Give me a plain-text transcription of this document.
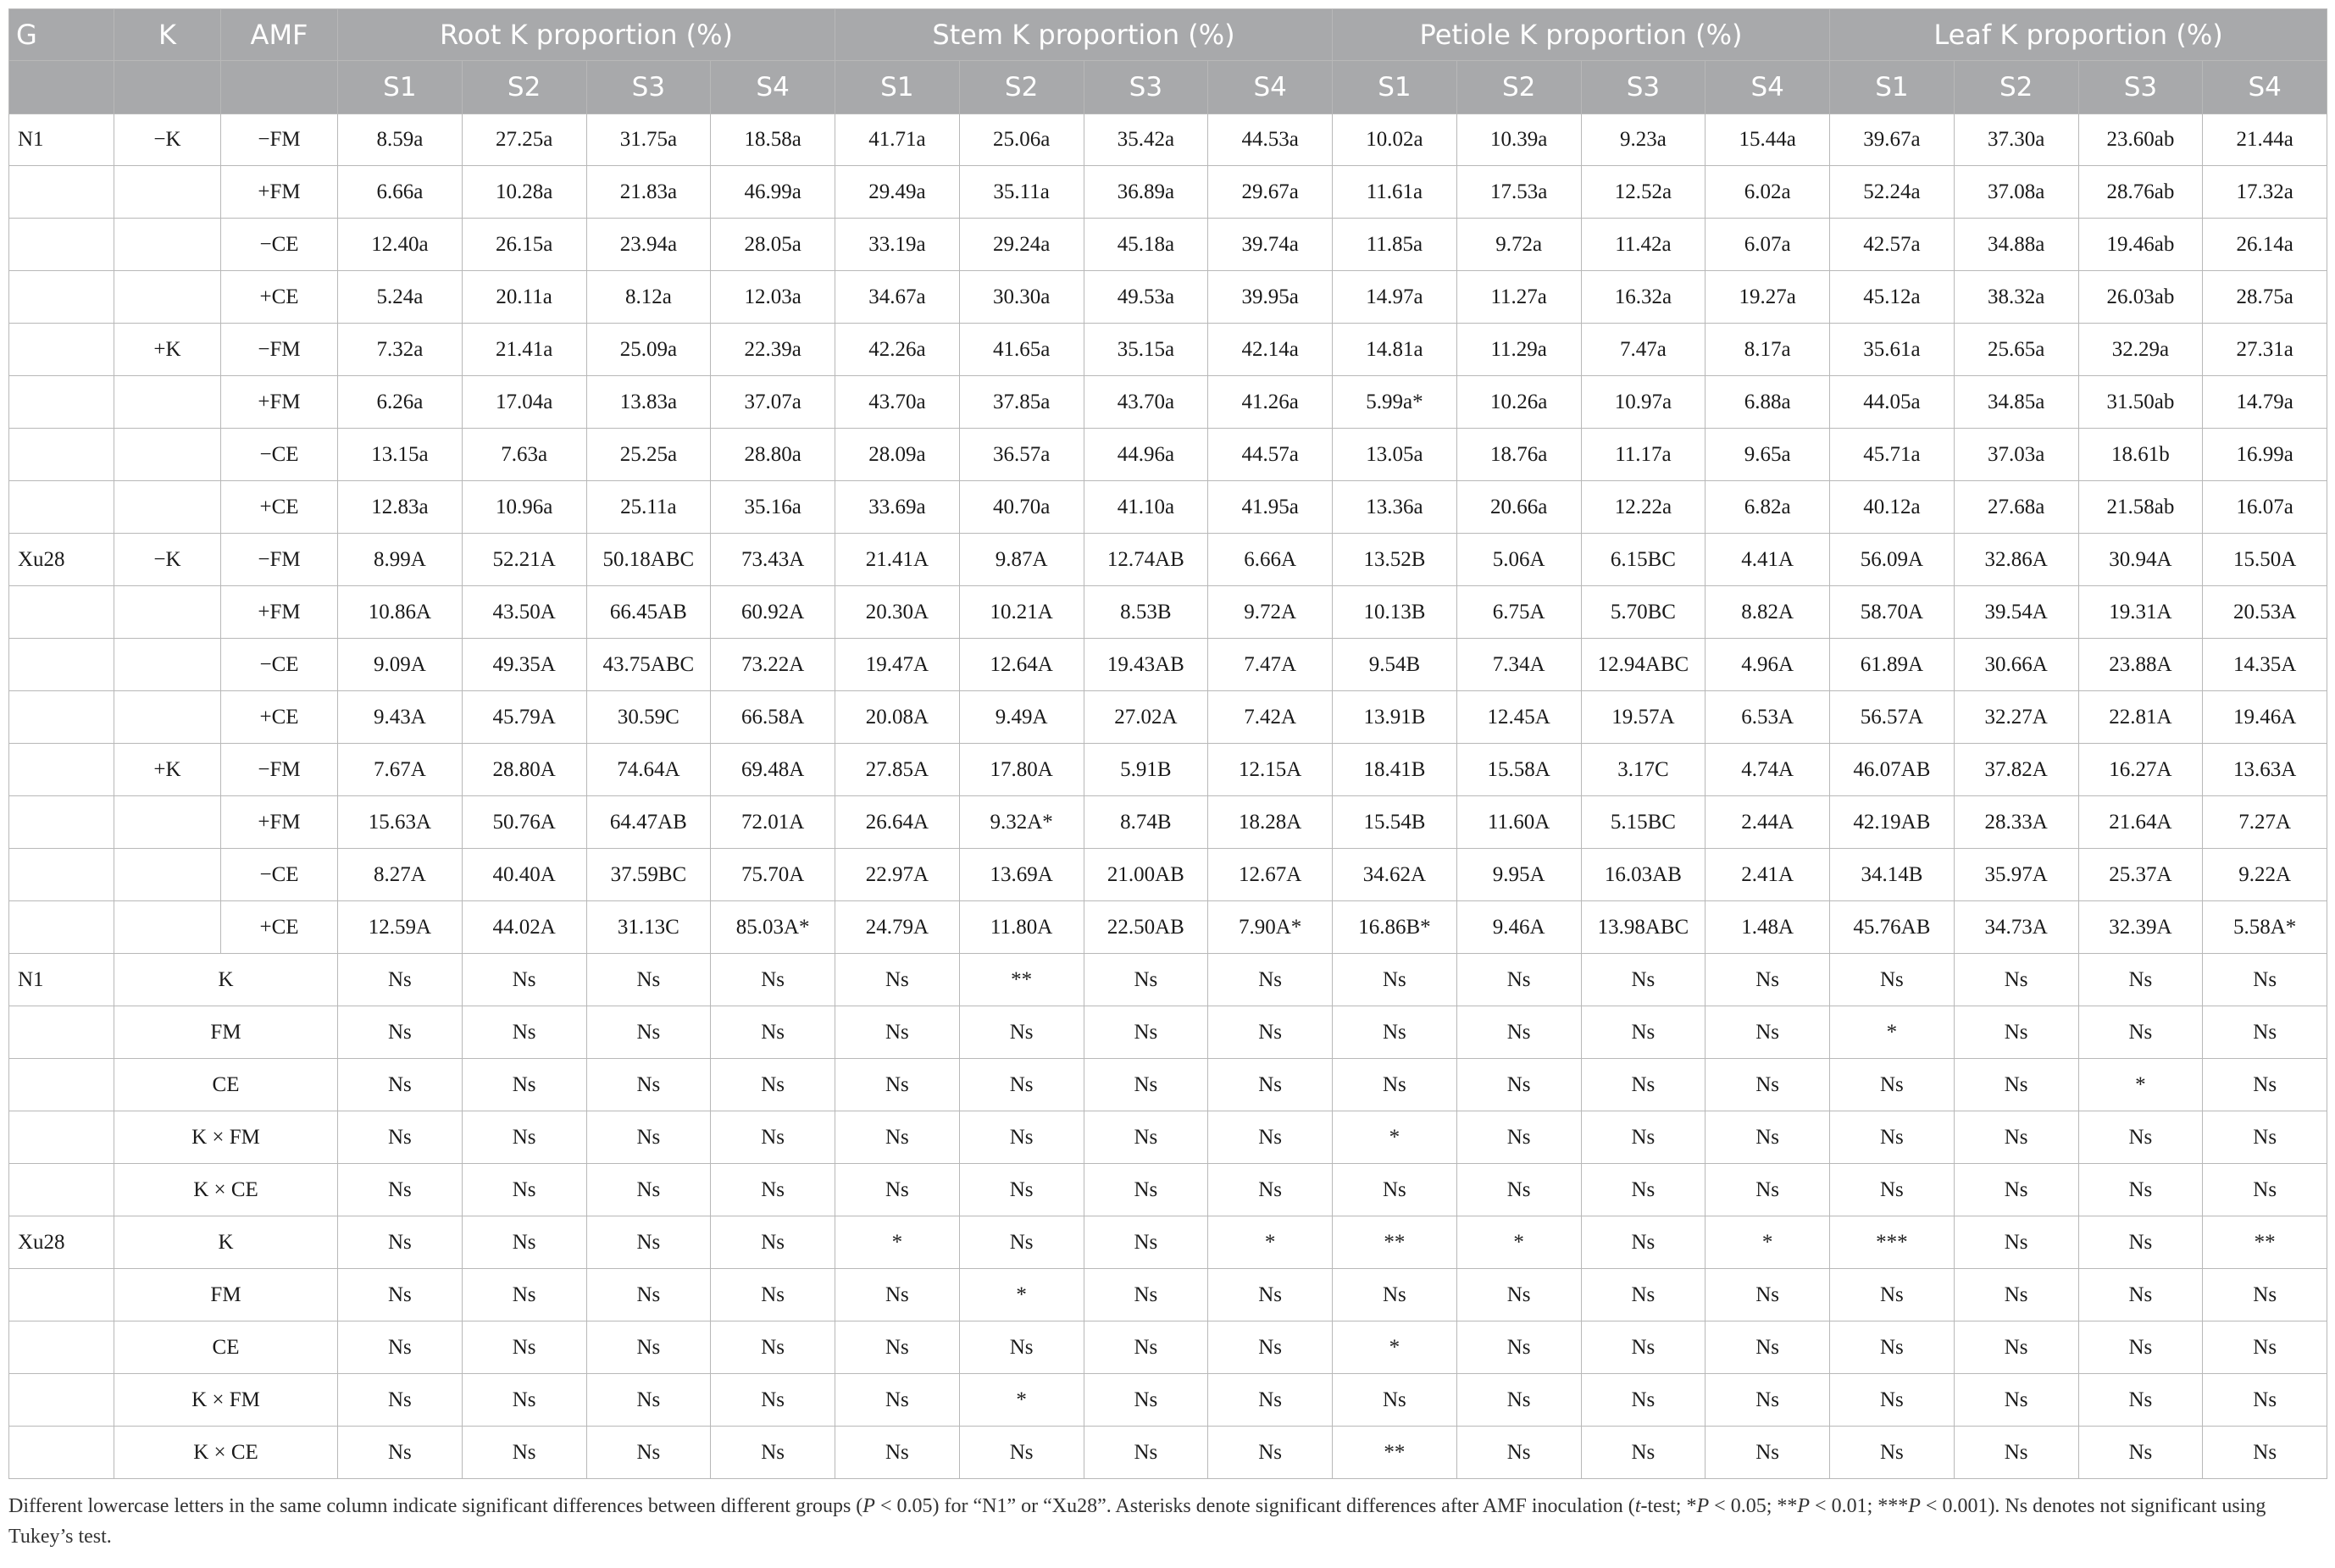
G	K	AMF	Root K proportion (%)				Stem K proportion (%)				Petiole K proportion (%)				Leaf K proportion (%)			
			S1	S2	S3	S4	S1	S2	S3	S4	S1	S2	S3	S4	S1	S2	S3	S4
N1	−K	−FM	8.59a	27.25a	31.75a	18.58a	41.71a	25.06a	35.42a	44.53a	10.02a	10.39a	9.23a	15.44a	39.67a	37.30a	23.60ab	21.44a
		+FM	6.66a	10.28a	21.83a	46.99a	29.49a	35.11a	36.89a	29.67a	11.61a	17.53a	12.52a	6.02a	52.24a	37.08a	28.76ab	17.32a
		−CE	12.40a	26.15a	23.94a	28.05a	33.19a	29.24a	45.18a	39.74a	11.85a	9.72a	11.42a	6.07a	42.57a	34.88a	19.46ab	26.14a
		+CE	5.24a	20.11a	8.12a	12.03a	34.67a	30.30a	49.53a	39.95a	14.97a	11.27a	16.32a	19.27a	45.12a	38.32a	26.03ab	28.75a
	+K	−FM	7.32a	21.41a	25.09a	22.39a	42.26a	41.65a	35.15a	42.14a	14.81a	11.29a	7.47a	8.17a	35.61a	25.65a	32.29a	27.31a
		+FM	6.26a	17.04a	13.83a	37.07a	43.70a	37.85a	43.70a	41.26a	5.99a*	10.26a	10.97a	6.88a	44.05a	34.85a	31.50ab	14.79a
		−CE	13.15a	7.63a	25.25a	28.80a	28.09a	36.57a	44.96a	44.57a	13.05a	18.76a	11.17a	9.65a	45.71a	37.03a	18.61b	16.99a
		+CE	12.83a	10.96a	25.11a	35.16a	33.69a	40.70a	41.10a	41.95a	13.36a	20.66a	12.22a	6.82a	40.12a	27.68a	21.58ab	16.07a
Xu28	−K	−FM	8.99A	52.21A	50.18ABC	73.43A	21.41A	9.87A	12.74AB	6.66A	13.52B	5.06A	6.15BC	4.41A	56.09A	32.86A	30.94A	15.50A
		+FM	10.86A	43.50A	66.45AB	60.92A	20.30A	10.21A	8.53B	9.72A	10.13B	6.75A	5.70BC	8.82A	58.70A	39.54A	19.31A	20.53A
		−CE	9.09A	49.35A	43.75ABC	73.22A	19.47A	12.64A	19.43AB	7.47A	9.54B	7.34A	12.94ABC	4.96A	61.89A	30.66A	23.88A	14.35A
		+CE	9.43A	45.79A	30.59C	66.58A	20.08A	9.49A	27.02A	7.42A	13.91B	12.45A	19.57A	6.53A	56.57A	32.27A	22.81A	19.46A
	+K	−FM	7.67A	28.80A	74.64A	69.48A	27.85A	17.80A	5.91B	12.15A	18.41B	15.58A	3.17C	4.74A	46.07AB	37.82A	16.27A	13.63A
		+FM	15.63A	50.76A	64.47AB	72.01A	26.64A	9.32A*	8.74B	18.28A	15.54B	11.60A	5.15BC	2.44A	42.19AB	28.33A	21.64A	7.27A
		−CE	8.27A	40.40A	37.59BC	75.70A	22.97A	13.69A	21.00AB	12.67A	34.62A	9.95A	16.03AB	2.41A	34.14B	35.97A	25.37A	9.22A
		+CE	12.59A	44.02A	31.13C	85.03A*	24.79A	11.80A	22.50AB	7.90A*	16.86B*	9.46A	13.98ABC	1.48A	45.76AB	34.73A	32.39A	5.58A*
N1	K		Ns	Ns	Ns	Ns	Ns	**	Ns	Ns	Ns	Ns	Ns	Ns	Ns	Ns	Ns	Ns
	FM		Ns	Ns	Ns	Ns	Ns	Ns	Ns	Ns	Ns	Ns	Ns	Ns	*	Ns	Ns	Ns
	CE		Ns	Ns	Ns	Ns	Ns	Ns	Ns	Ns	Ns	Ns	Ns	Ns	Ns	Ns	*	Ns
	K × FM		Ns	Ns	Ns	Ns	Ns	Ns	Ns	Ns	*	Ns	Ns	Ns	Ns	Ns	Ns	Ns
	K × CE		Ns	Ns	Ns	Ns	Ns	Ns	Ns	Ns	Ns	Ns	Ns	Ns	Ns	Ns	Ns	Ns
Xu28	K		Ns	Ns	Ns	Ns	*	Ns	Ns	*	**	*	Ns	*	***	Ns	Ns	**
	FM		Ns	Ns	Ns	Ns	Ns	*	Ns	Ns	Ns	Ns	Ns	Ns	Ns	Ns	Ns	Ns
	CE		Ns	Ns	Ns	Ns	Ns	Ns	Ns	Ns	*	Ns	Ns	Ns	Ns	Ns	Ns	Ns
	K × FM		Ns	Ns	Ns	Ns	Ns	*	Ns	Ns	Ns	Ns	Ns	Ns	Ns	Ns	Ns	Ns
	K × CE		Ns	Ns	Ns	Ns	Ns	Ns	Ns	Ns	**	Ns	Ns	Ns	Ns	Ns	Ns	Ns
Different lowercase letters in the same column indicate significant differences between different groups (P < 0.05) for “N1” or “Xu28”. Asterisks denote significant differences after AMF inoculation (t-test; *P < 0.05; **P < 0.01; ***P < 0.001). Ns denotes not significant using Tukey’s test.
